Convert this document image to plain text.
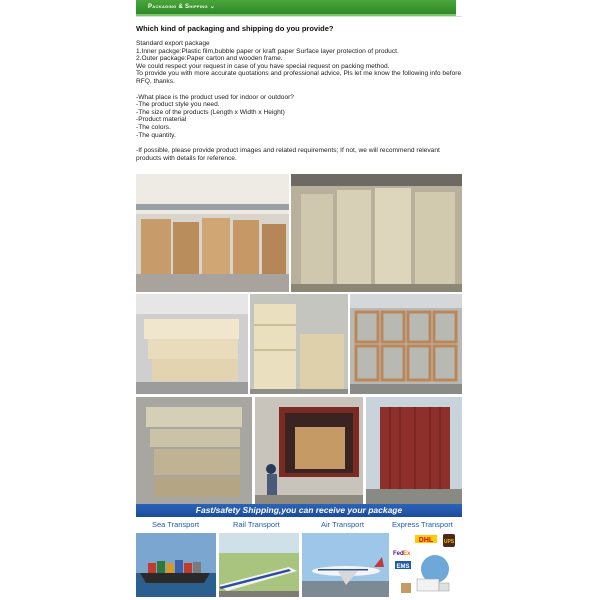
Packaging & Shipping ⌄
Which kind of packaging and shipping do you provide?
Standard export package
1.Inner packge:Plastic film,bubble paper or kraft paper Surface layer protection of product.
2.Outer package:Paper carton and wooden frame.
We could respect your request in case of you have special request on packing method.
To provide you with more accurate quotations and professional advice, Pls let me know the following info before RFQ, thanks.
-What place is the product used for indoor or outdoor?
-The product style you need.
-The size of the products (Length x Width x Height)
-Product material
-The colors.
-The quantity.
-If possible, please provide product images and related requirements; If not, we will recommend relevant products with details for reference.
Fast/safety Shipping,you can receive your package
Sea Transport	Rail Transport	Air Transport	Express Transport
DHL UPS
Fed Ex
EMS
